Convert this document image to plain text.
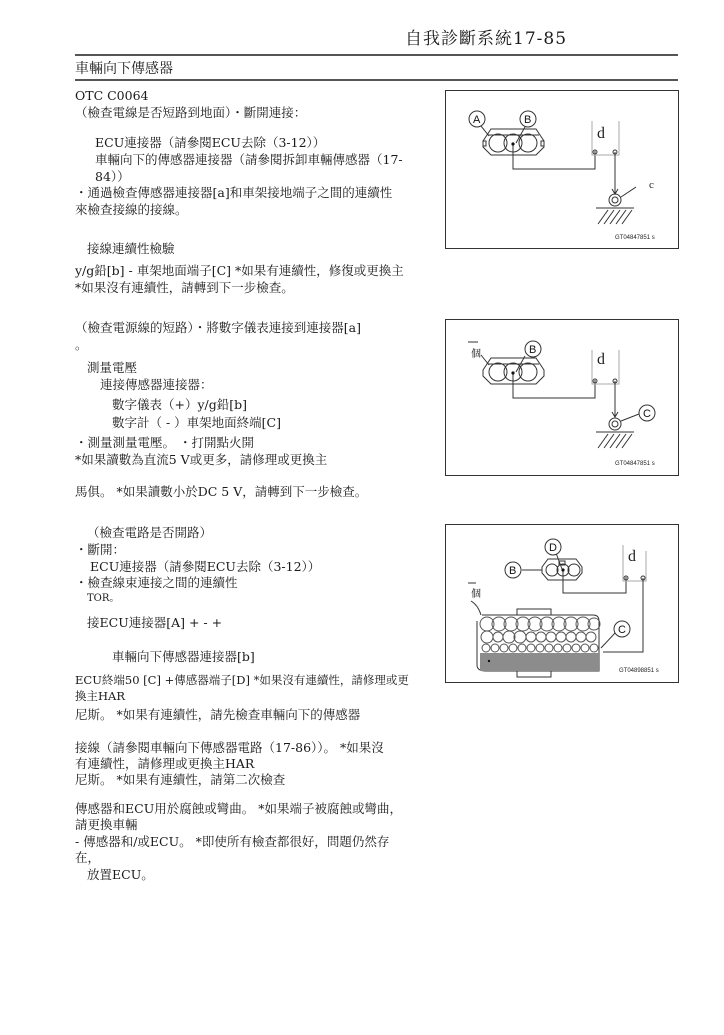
自我診斷系統17-85
車輛向下傳感器
OTC C0064
（檢查電線是否短路到地面）・斷開連接：
ECU連接器（請參閱ECU去除（3-12））
車輛向下的傳感器連接器（請參閱拆卸車輛傳感器（17-
84））
・通過檢查傳感器連接器[a]和車架接地端子之間的連續性
來檢查接線的接線。
接線連續性檢驗
y/g鉛[b] - 車架地面端子[C] *如果有連續性，修復或更換主
*如果沒有連續性，請轉到下一步檢查。
（檢查電源線的短路）・將數字儀表連接到連接器[a]
。
測量電壓
連接傳感器連接器：
數字儀表（+）y/g鉛[b]
數字計（ - ）車架地面終端[C]
・測量測量電壓。 ・打開點火開
*如果讀數為直流5 V或更多，請修理或更換主
馬俱。 *如果讀數小於DC 5 V，請轉到下一步檢查。
（檢查電路是否開路）
・斷開：
ECU連接器（請參閱ECU去除（3-12））
・檢查線束連接之間的連續性
TOR。
接ECU連接器[A] + - +
車輛向下傳感器連接器[b]
ECU終端50 [C] +傳感器端子[D] *如果沒有連續性，請修理或更
換主HAR
尼斯。 *如果有連續性，請先檢查車輛向下的傳感器
接線（請參閱車輛向下傳感器電路（17-86））。 *如果沒
有連續性，請修理或更換主HAR
尼斯。 *如果有連續性，請第二次檢查
傳感器和ECU用於腐蝕或彎曲。 *如果端子被腐蝕或彎曲，
請更換車輛
- 傳感器和/或ECU。 *即使所有檢查都很好，問題仍然存
在，
放置ECU。
A	B
d
c
GT04847851 s
個	B
C
d
GT04847851 s
D
B
個
C
d
GT04898851 s
